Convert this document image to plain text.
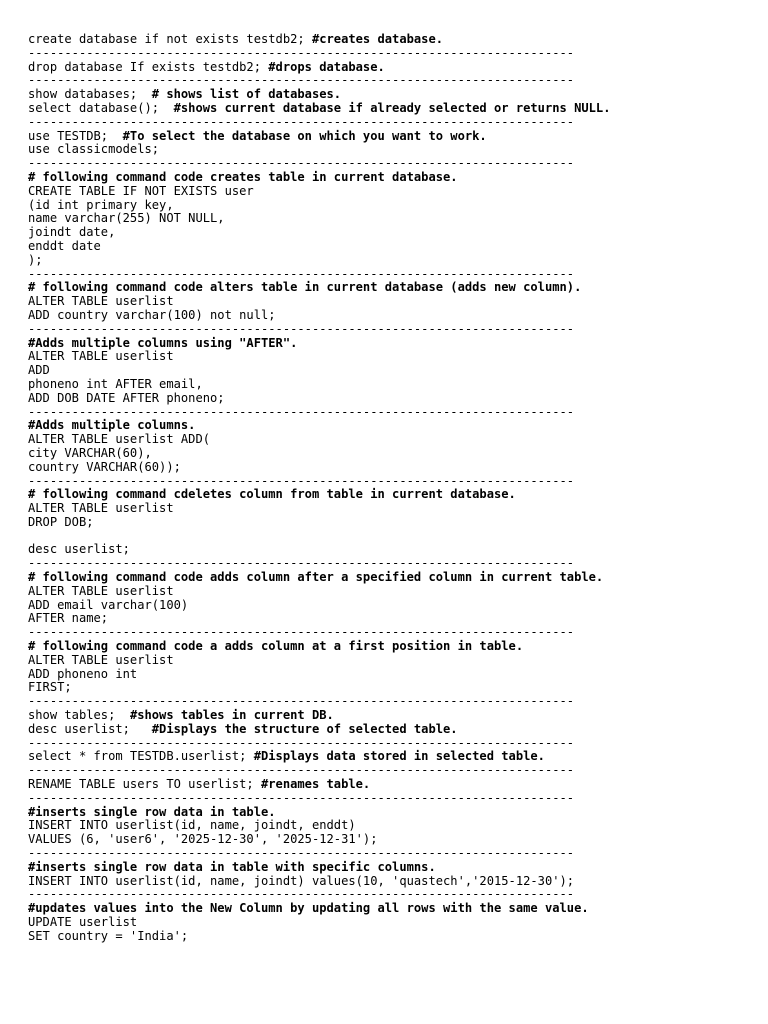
create database if not exists testdb2; #creates database.
---------------------------------------------------------------------------
drop database If exists testdb2; #drops database.
---------------------------------------------------------------------------
show databases;  # shows list of databases.
select database();  #shows current database if already selected or returns NULL.
---------------------------------------------------------------------------
use TESTDB;  #To select the database on which you want to work.
use classicmodels;
---------------------------------------------------------------------------
# following command code creates table in current database.
CREATE TABLE IF NOT EXISTS user
(id int primary key,
name varchar(255) NOT NULL,
joindt date,
enddt date
);
---------------------------------------------------------------------------
# following command code alters table in current database (adds new column).
ALTER TABLE userlist
ADD country varchar(100) not null;
---------------------------------------------------------------------------
#Adds multiple columns using "AFTER".
ALTER TABLE userlist
ADD
phoneno int AFTER email,
ADD DOB DATE AFTER phoneno;
---------------------------------------------------------------------------
#Adds multiple columns.
ALTER TABLE userlist ADD(
city VARCHAR(60),
country VARCHAR(60));
---------------------------------------------------------------------------
# following command cdeletes column from table in current database.
ALTER TABLE userlist
DROP DOB;
desc userlist;
---------------------------------------------------------------------------
# following command code adds column after a specified column in current table.
ALTER TABLE userlist
ADD email varchar(100)
AFTER name;
---------------------------------------------------------------------------
# following command code a adds column at a first position in table.
ALTER TABLE userlist
ADD phoneno int
FIRST;
---------------------------------------------------------------------------
show tables;  #shows tables in current DB.
desc userlist;   #Displays the structure of selected table.
---------------------------------------------------------------------------
select * from TESTDB.userlist; #Displays data stored in selected table.
---------------------------------------------------------------------------
RENAME TABLE users TO userlist; #renames table.
---------------------------------------------------------------------------
#inserts single row data in table.
INSERT INTO userlist(id, name, joindt, enddt)
VALUES (6, 'user6', '2025-12-30', '2025-12-31');
---------------------------------------------------------------------------
#inserts single row data in table with specific columns.
INSERT INTO userlist(id, name, joindt) values(10, 'quastech','2015-12-30');
---------------------------------------------------------------------------
#updates values into the New Column by updating all rows with the same value.
UPDATE userlist
SET country = 'India';
